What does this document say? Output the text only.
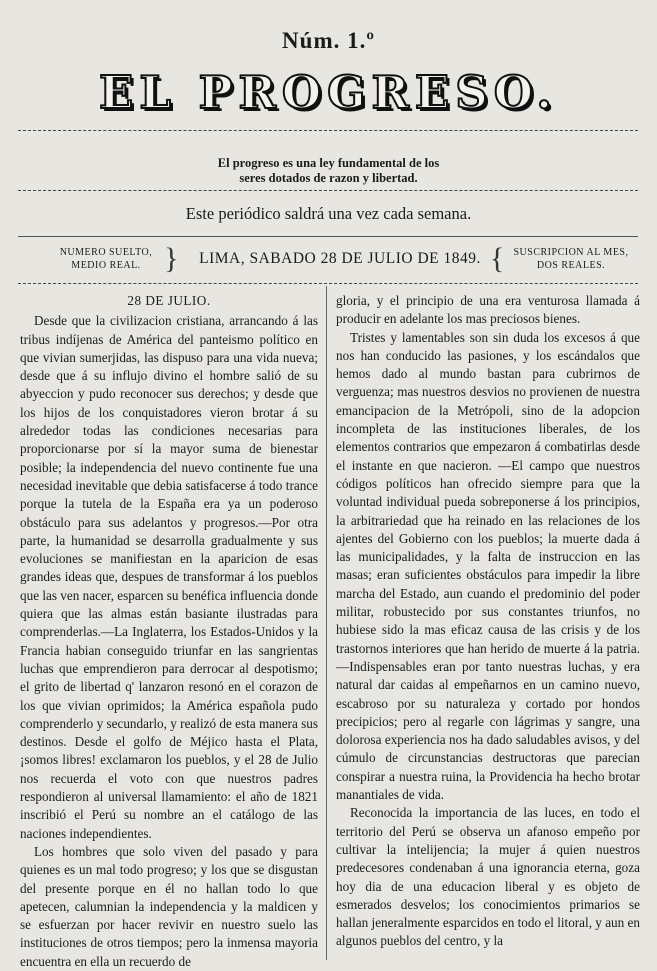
Núm. 1.º
EL PROGRESO.
El progreso es una ley fundamental de los
seres dotados de razon y libertad.
Este periódico saldrá una vez cada semana.
NUMERO SUELTO,
MEDIO REAL. }	LIMA, SABADO 28 DE JULIO DE 1849. { SUSCRIPCION AL MES,
DOS REALES.

28 DE JULIO.

Desde que la civilizacion cristiana, arrancando á las tribus indíjenas de América del panteismo político en que vivian sumerjidas, las dispuso para una vida nueva; desde que á su influjo divino el hombre salió de su abyeccion y pudo reconocer sus derechos; y desde que los hijos de los conquistadores vieron brotar á su alrededor todas las condiciones necesarias para proporcionarse por sí la mayor suma de bienestar posible; la independencia del nuevo continente fue una necesidad inevitable que debia satisfacerse á todo trance porque la tutela de la España era ya un poderoso obstáculo para sus adelantos y progresos.—Por otra parte, la humanidad se desarrolla gradualmente y sus evoluciones se manifiestan en la aparicion de esas grandes ideas que, despues de transformar á los pueblos que las ven nacer, esparcen su benéfica influencia donde quiera que las almas están basiante ilustradas para comprenderlas.—La Inglaterra, los Estados-Unidos y la Francia habian conseguido triunfar en las sangrientas luchas que emprendieron para derrocar al despotismo; el grito de libertad q' lanzaron resonó en el corazon de los que vivian oprimidos; la América española pudo comprenderlo y secundarlo, y realizó de esta manera sus destinos. Desde el golfo de Méjico hasta el Plata, ¡somos libres! exclamaron los pueblos, y el 28 de Julio nos recuerda el voto con que nuestros padres respondieron al universal llamamiento: el año de 1821 inscribió el Perú su nombre an el catálogo de las naciones independientes.

Los hombres que solo viven del pasado y para quienes es un mal todo progreso; y los que se disgustan del presente porque en él no hallan todo lo que apetecen, calumnian la independencia y la maldicen y se esfuerzan por hacer revivir en nuestro suelo las instituciones de otros tiempos; pero la inmensa mayoria encuentra en ella un recuerdo de

gloria, y el principio de una era venturosa llamada á producir en adelante los mas preciosos bienes.

Tristes y lamentables son sin duda los excesos á que nos han conducido las pasiones, y los escándalos que hemos dado al mundo bastan para cubrirnos de verguenza; mas nuestros desvios no provienen de nuestra emancipacion de la Metrópoli, sino de la adopcion incompleta de las instituciones liberales, de los elementos contrarios que empezaron á combatirlas desde el instante en que nacieron. —El campo que nuestros códigos políticos han ofrecido siempre para que la voluntad individual pueda sobreponerse á los principios, la arbitrariedad que ha reinado en las relaciones de los ajentes del Gobierno con los pueblos; la muerte dada á las municipalidades, y la falta de instruccion en las masas; eran suficientes obstáculos para impedir la libre marcha del Estado, aun cuando el predominio del poder militar, robustecido por sus constantes triunfos, no hubiese sido la mas eficaz causa de las crisis y de los trastornos interiores que han herido de muerte á la patria.—Indispensables eran por tanto nuestras luchas, y era natural dar caidas al empeñarnos en un camino nuevo, escabroso por su naturaleza y cortado por hondos precipicios; pero al regarle con lágrimas y sangre, una dolorosa experiencia nos ha dado saludables avisos, y del cúmulo de circunstancias destructoras que parecian conspirar a nuestra ruina, la Providencia ha hecho brotar manantiales de vida.

Reconocida la importancia de las luces, en todo el territorio del Perú se observa un afanoso empeño por cultivar la intelijencia; la mujer á quien nuestros predecesores condenaban á una ignorancia eterna, goza hoy dia de una educacion liberal y es objeto de esmerados desvelos; los conocimientos primarios se hallan jeneralmente esparcidos en todo el litoral, y aun en algunos pueblos del centro, y la
